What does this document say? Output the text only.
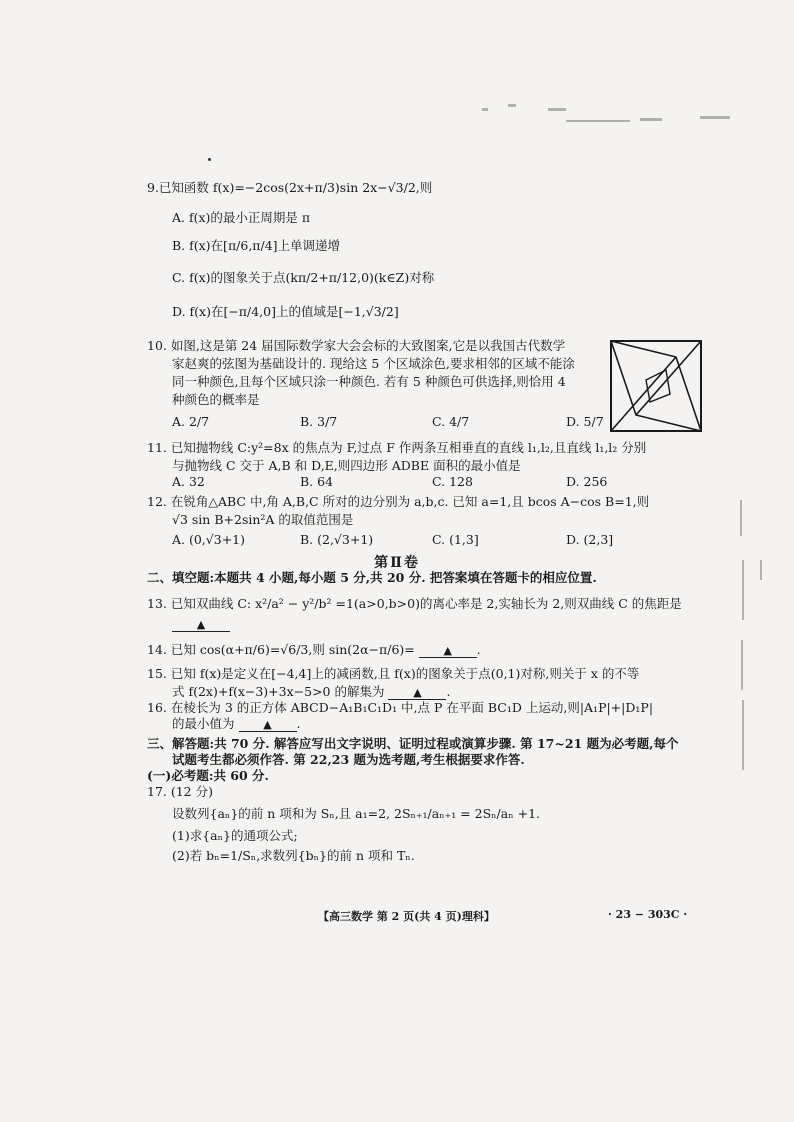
9.已知函数 f(x)=−2cos(2x+π/3)sin 2x−√3/2,则
A. f(x)的最小正周期是 π
B. f(x)在[π/6,π/4]上单调递增
C. f(x)的图象关于点(kπ/2+π/12,0)(k∈Z)对称
D. f(x)在[−π/4,0]上的值域是[−1,√3/2]
10. 如图,这是第 24 届国际数学家大会会标的大致图案,它是以我国古代数学
家赵爽的弦图为基础设计的. 现给这 5 个区域涂色,要求相邻的区域不能涂
同一种颜色,且每个区域只涂一种颜色. 若有 5 种颜色可供选择,则恰用 4
种颜色的概率是
A. 2/7	B. 3/7	C. 4/7	D. 5/7
11. 已知抛物线 C:y²=8x 的焦点为 F,过点 F 作两条互相垂直的直线 l₁,l₂,且直线 l₁,l₂ 分别
与抛物线 C 交于 A,B 和 D,E,则四边形 ADBE 面积的最小值是
A. 32	B. 64	C. 128	D. 256
12. 在锐角△ABC 中,角 A,B,C 所对的边分别为 a,b,c. 已知 a=1,且 bcos A−cos B=1,则
√3 sin B+2sin²A 的取值范围是
A. (0,√3+1)	B. (2,√3+1)	C. (1,3]	D. (2,3]
第Ⅱ卷
二、填空题:本题共 4 小题,每小题 5 分,共 20 分. 把答案填在答题卡的相应位置.
13. 已知双曲线 C: x²/a² − y²/b² =1(a>0,b>0)的离心率是 2,实轴长为 2,则双曲线 C 的焦距是
▲
14. 已知 cos(α+π/6)=√6/3,则 sin(2α−π/6)=	▲ .
15. 已知 f(x)是定义在[−4,4]上的减函数,且 f(x)的图象关于点(0,1)对称,则关于 x 的不等
式 f(2x)+f(x−3)+3x−5>0 的解集为	▲ .
16. 在棱长为 3 的正方体 ABCD−A₁B₁C₁D₁ 中,点 P 在平面 BC₁D 上运动,则|A₁P|+|D₁P|
的最小值为	▲ .
三、解答题:共 70 分. 解答应写出文字说明、证明过程或演算步骤. 第 17~21 题为必考题,每个
试题考生都必须作答. 第 22,23 题为选考题,考生根据要求作答.
(一)必考题:共 60 分.
17. (12 分)
设数列{aₙ}的前 n 项和为 Sₙ,且 a₁=2, 2Sₙ₊₁/aₙ₊₁ = 2Sₙ/aₙ +1.
(1)求{aₙ}的通项公式;
(2)若 bₙ=1/Sₙ,求数列{bₙ}的前 n 项和 Tₙ.
【高三数学 第 2 页(共 4 页)理科】	· 23 − 303C ·
